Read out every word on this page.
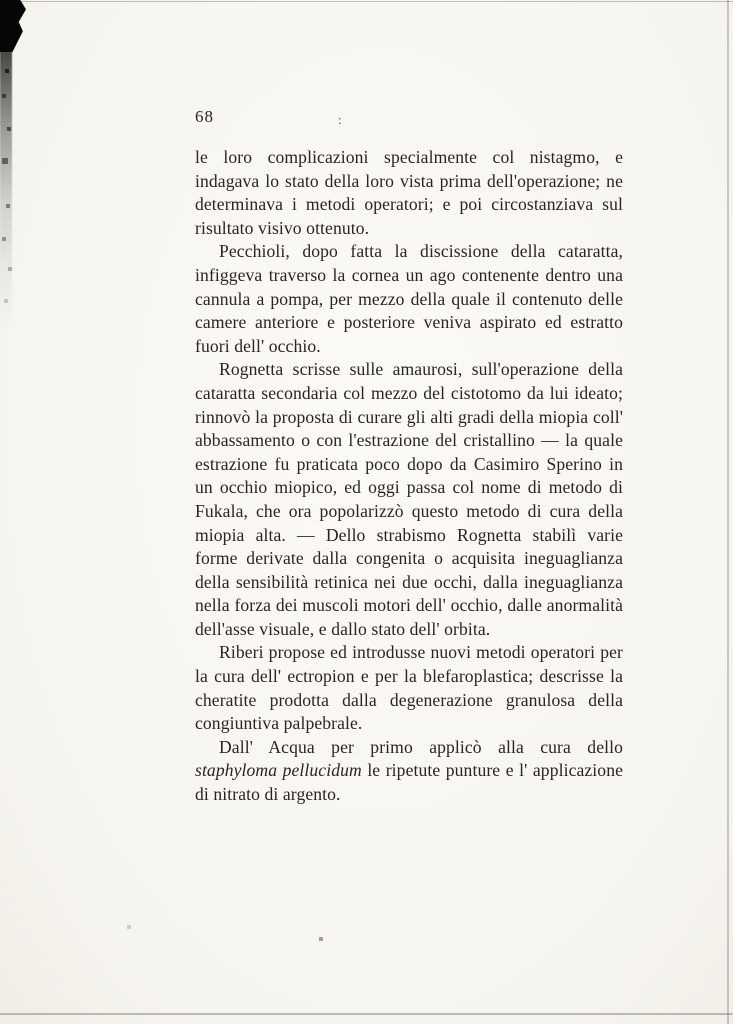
68	:

le loro complicazioni specialmente col nistagmo, e indagava lo stato della loro vista prima dell'operazione; ne determinava i metodi operatori; e poi circostanziava sul risultato visivo ottenuto.

Pecchioli, dopo fatta la discissione della cataratta, infiggeva traverso la cornea un ago contenente dentro una cannula a pompa, per mezzo della quale il contenuto delle camere anteriore e posteriore veniva aspirato ed estratto fuori dell' occhio.

Rognetta scrisse sulle amaurosi, sull'operazione della cataratta secondaria col mezzo del cistotomo da lui ideato; rinnovò la proposta di curare gli alti gradi della miopia coll' abbassamento o con l'estrazione del cristallino — la quale estrazione fu praticata poco dopo da Casimiro Sperino in un occhio miopico, ed oggi passa col nome di metodo di Fukala, che ora popolarizzò questo metodo di cura della miopia alta. — Dello strabismo Rognetta stabilì varie forme derivate dalla congenita o acquisita ineguaglianza della sensibilità retinica nei due occhi, dalla ineguaglianza nella forza dei muscoli motori dell' occhio, dalle anormalità dell'asse visuale, e dallo stato dell' orbita.

Riberi propose ed introdusse nuovi metodi operatori per la cura dell' ectropion e per la blefaroplastica; descrisse la cheratite prodotta dalla degenerazione granulosa della congiuntiva palpebrale.

Dall' Acqua per primo applicò alla cura dello staphyloma pellucidum le ripetute punture e l' applicazione di nitrato di argento.
